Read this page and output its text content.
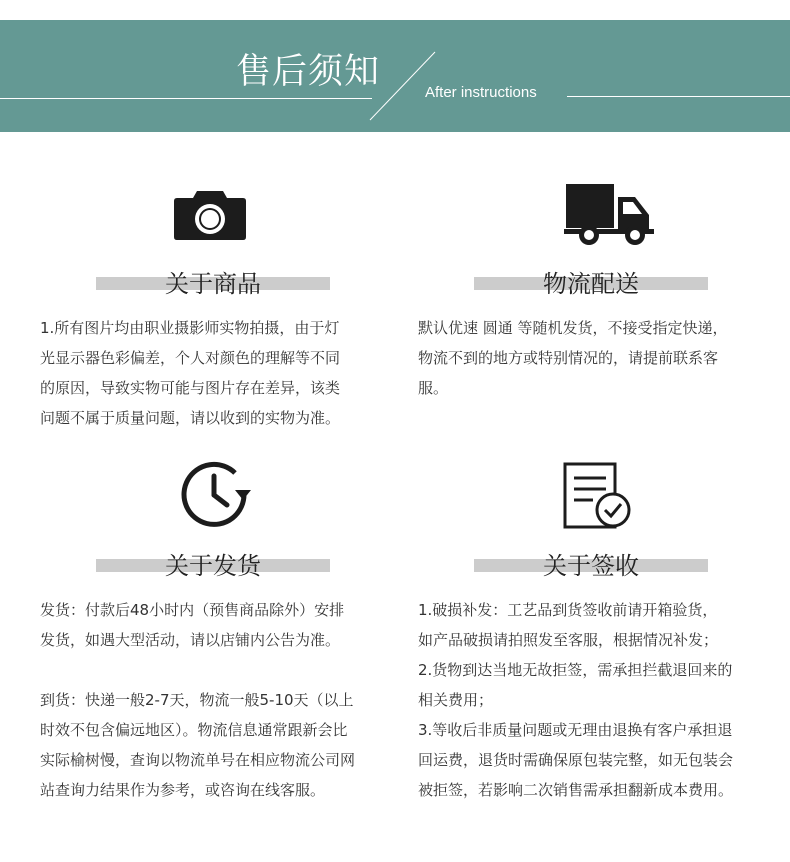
售后须知
After instructions
关于商品

1.所有图片均由职业摄影师实物拍摄，由于灯

光显示器色彩偏差，个人对颜色的理解等不同

的原因，导致实物可能与图片存在差异，该类

问题不属于质量问题，请以收到的实物为准。

物流配送

默认优速 圆通 等随机发货，不接受指定快递，

物流不到的地方或特别情况的，请提前联系客

服。

关于发货

发货：付款后48小时内（预售商品除外）安排

发货，如遇大型活动，请以店铺内公告为准。

到货：快递一般2-7天，物流一般5-10天（以上

时效不包含偏远地区）。物流信息通常跟新会比

实际榆树慢，查询以物流单号在相应物流公司网

站查询力结果作为参考，或咨询在线客服。

关于签收

1.破损补发：工艺品到货签收前请开箱验货，

如产品破损请拍照发至客服，根据情况补发；

2.货物到达当地无故拒签，需承担拦截退回来的

相关费用；

3.等收后非质量问题或无理由退换有客户承担退

回运费，退货时需确保原包装完整，如无包装会

被拒签，若影响二次销售需承担翻新成本费用。
